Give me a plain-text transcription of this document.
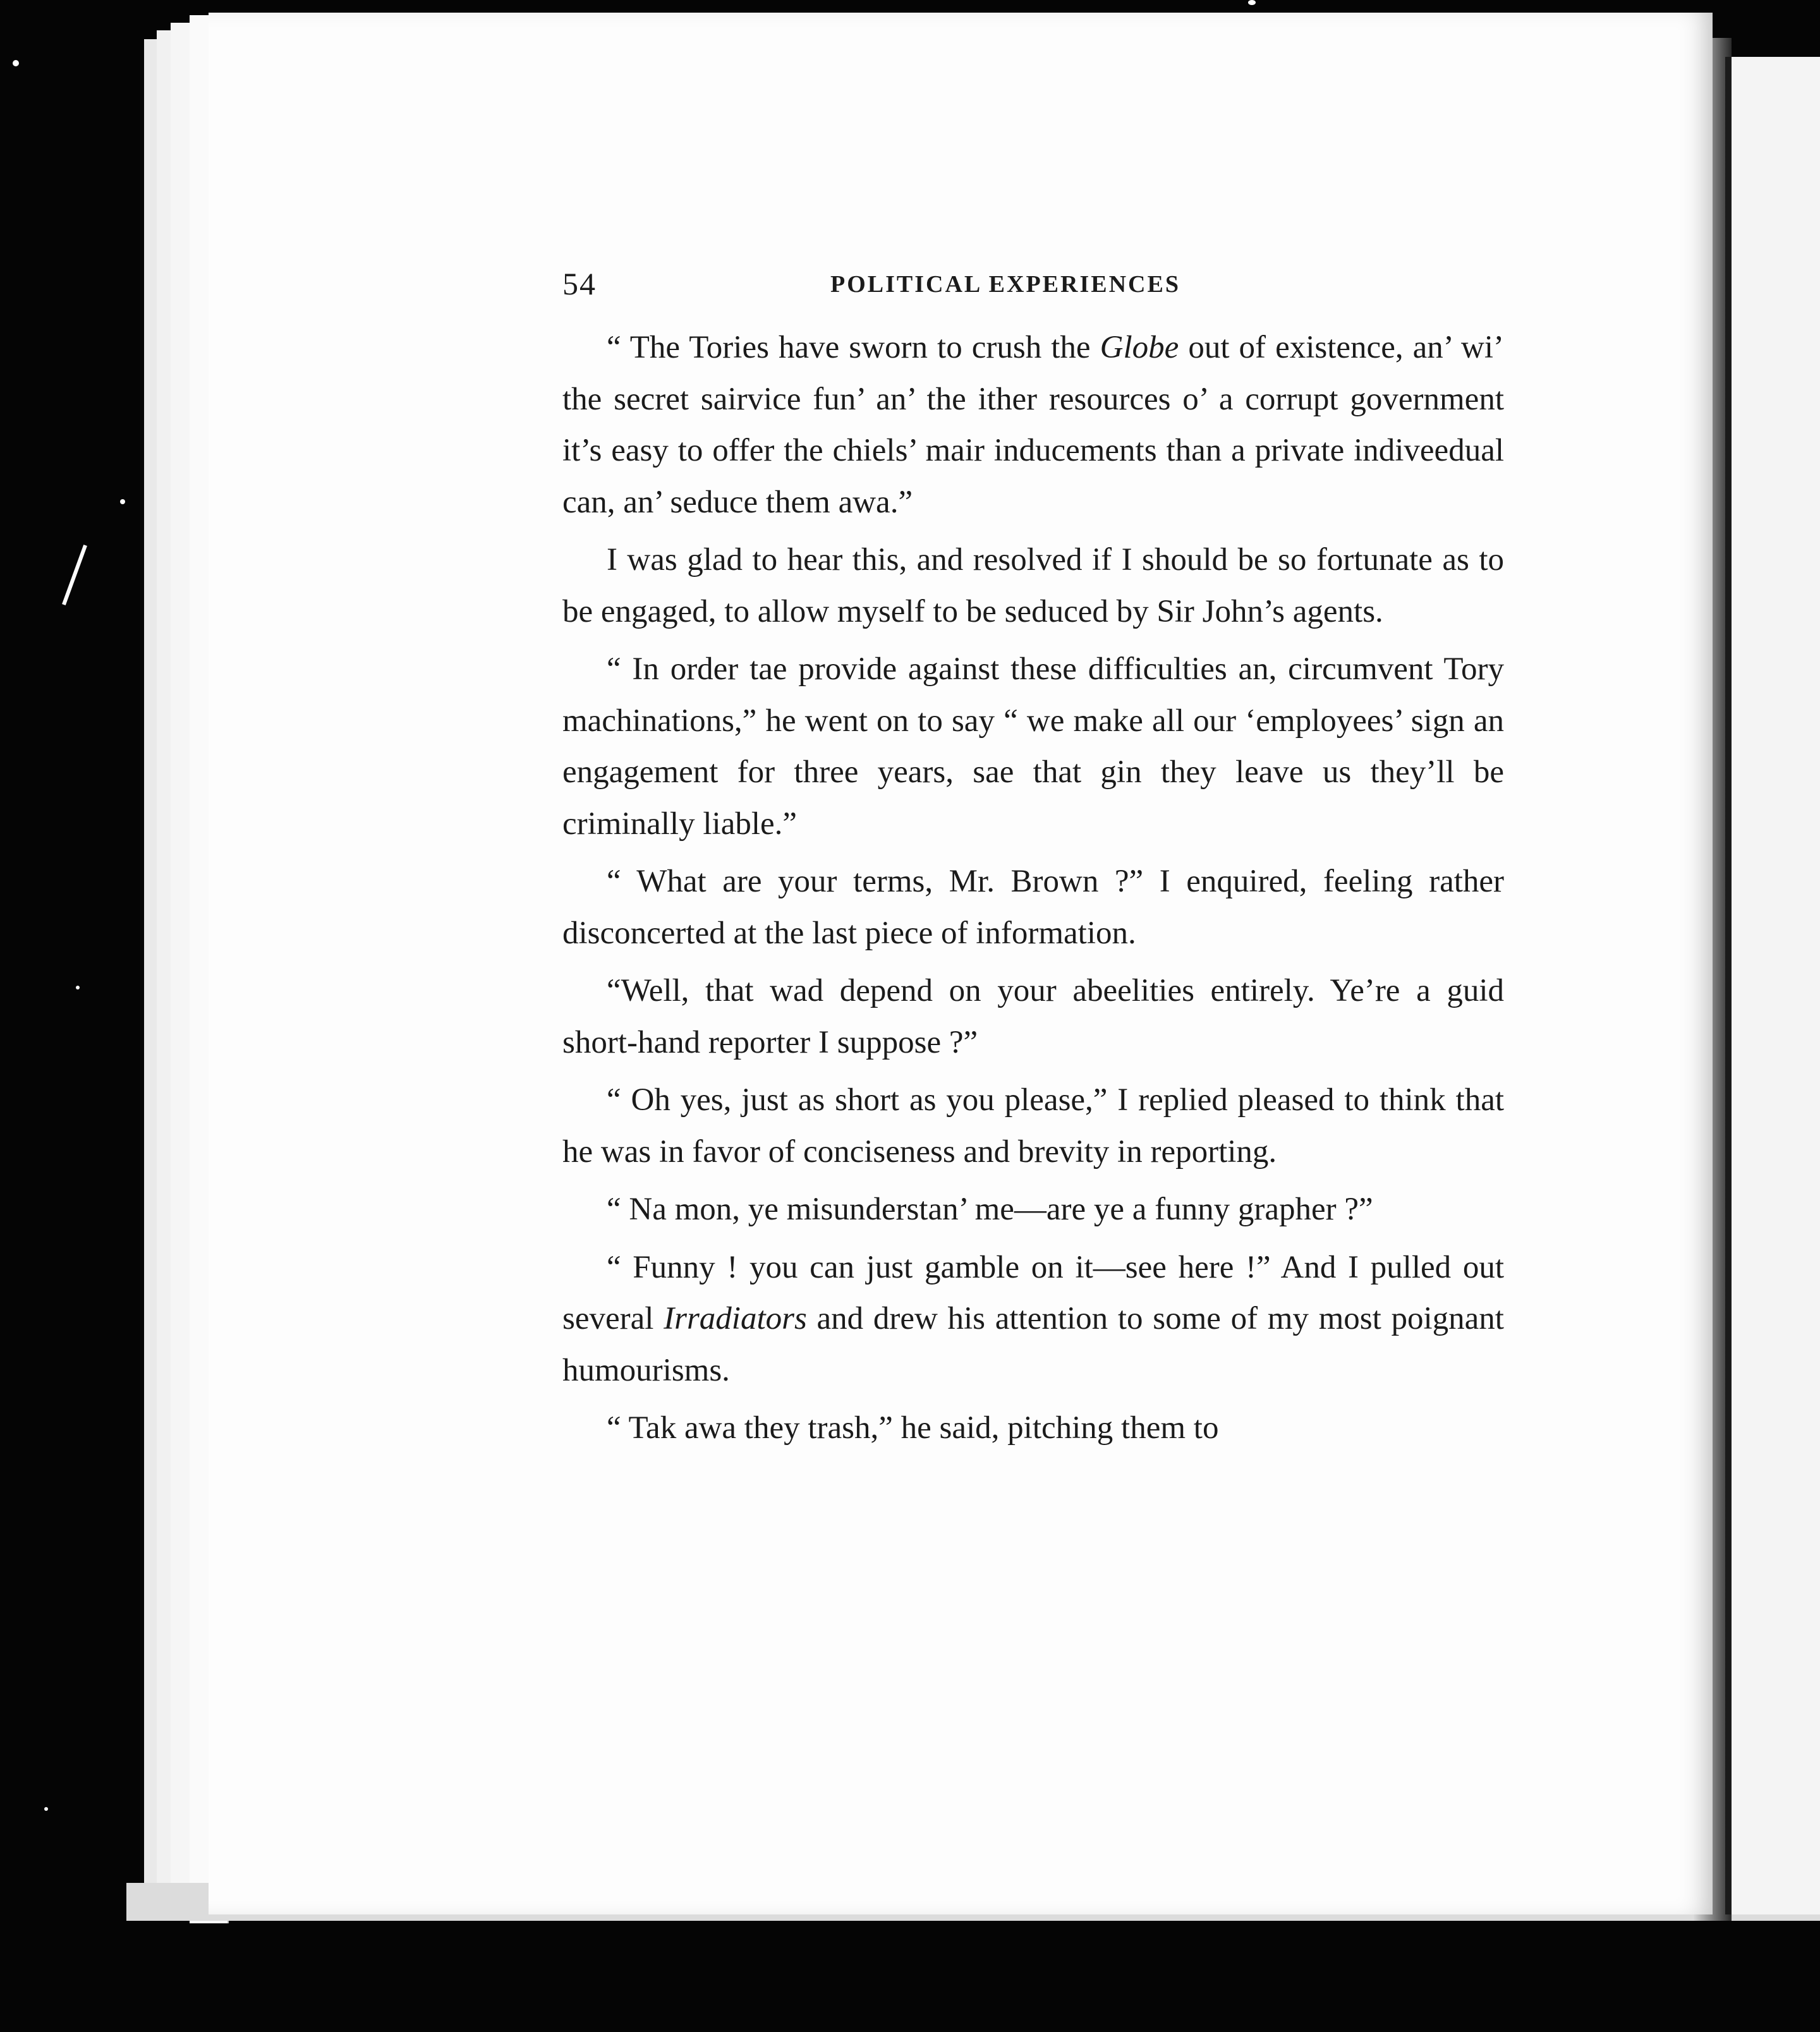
54	POLITICAL EXPERIENCES

“ The Tories have sworn to crush the Globe out of existence, an’ wi’ the secret sairvice fun’ an’ the ither resources o’ a corrupt government it’s easy to offer the chiels’ mair inducements than a private indiveedual can, an’ seduce them awa.”

I was glad to hear this, and resolved if I should be so fortunate as to be engaged, to allow myself to be seduced by Sir John’s agents.

“ In order tae provide against these difficulties an, circumvent Tory machinations,” he went on to say “ we make all our ‘employees’ sign an engagement for three years, sae that gin they leave us they’ll be criminally liable.”

“ What are your terms, Mr. Brown ?” I enquired, feeling rather disconcerted at the last piece of information.

“Well, that wad depend on your abeelities entirely. Ye’re a guid short-hand reporter I suppose ?”

“ Oh yes, just as short as you please,” I replied pleased to think that he was in favor of conciseness and brevity in reporting.

“ Na mon, ye misunderstan’ me—are ye a funny grapher ?”

“ Funny ! you can just gamble on it—see here !” And I pulled out several Irradiators and drew his attention to some of my most poignant humourisms.

“ Tak awa they trash,” he said, pitching them to
